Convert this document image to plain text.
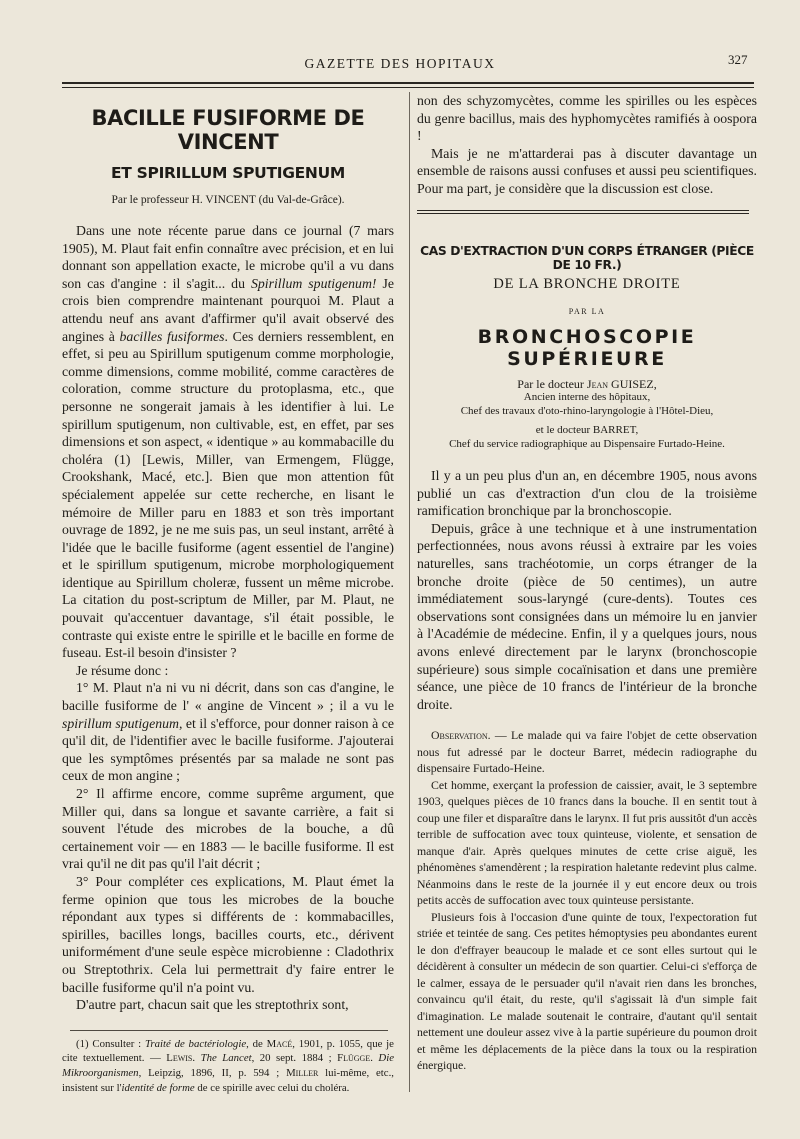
GAZETTE DES HOPITAUX	327
BACILLE FUSIFORME DE VINCENT
ET SPIRILLUM SPUTIGENUM
Par le professeur H. VINCENT (du Val-de-Grâce).

Dans une note récente parue dans ce journal (7 mars 1905), M. Plaut fait enfin connaître avec précision, et en lui donnant son appellation exacte, le microbe qu'il a vu dans son cas d'angine : il s'agit... du Spirillum sputigenum! Je crois bien comprendre maintenant pourquoi M. Plaut a attendu neuf ans avant d'affirmer qu'il avait observé des angines à bacilles fusiformes. Ces derniers ressemblent, en effet, si peu au Spirillum sputigenum comme morphologie, comme dimensions, comme mobilité, comme caractères de coloration, comme structure du protoplasma, etc., que personne ne songerait jamais à les identifier à lui. Le spirillum sputigenum, non cultivable, est, en effet, par ses dimensions et son aspect, « identique » au kommabacille du choléra (1) [Lewis, Miller, van Ermengem, Flügge, Crookshank, Macé, etc.]. Bien que mon attention fût spécialement appelée sur cette recherche, en lisant le mémoire de Miller paru en 1883 et son très important ouvrage de 1892, je ne me suis pas, un seul instant, arrêté à l'idée que le bacille fusiforme (agent essentiel de l'angine) et le spirillum sputigenum, microbe morphologiquement identique au Spirillum choleræ, fussent un même microbe. La citation du post-scriptum de Miller, par M. Plaut, ne pouvait qu'accentuer davantage, s'il était possible, le contraste qui existe entre le spirille et le bacille en forme de fuseau. Est-il besoin d'insister ?

Je résume donc :

1° M. Plaut n'a ni vu ni décrit, dans son cas d'angine, le bacille fusiforme de l' « angine de Vincent » ; il a vu le spirillum sputigenum, et il s'efforce, pour donner raison à ce qu'il dit, de l'identifier avec le bacille fusiforme. J'ajouterai que les symptômes présentés par sa malade ne sont pas ceux de mon angine ;

2° Il affirme encore, comme suprême argument, que Miller qui, dans sa longue et savante carrière, a fait si souvent l'étude des microbes de la bouche, a dû certainement voir — en 1883 — le bacille fusiforme. Il est vrai qu'il ne dit pas qu'il l'ait décrit ;

3° Pour compléter ces explications, M. Plaut émet la ferme opinion que tous les microbes de la bouche répondant aux types si différents de : kommabacilles, spirilles, bacilles longs, bacilles courts, etc., dérivent uniformément d'une seule espèce microbienne : Cladothrix ou Streptothrix. Cela lui permettrait d'y faire entrer le bacille fusiforme qu'il n'a point vu.

D'autre part, chacun sait que les streptothrix sont,

(1) Consulter : Traité de bactériologie, de Macé, 1901, p. 1055, que je cite textuellement. — Lewis. The Lancet, 20 sept. 1884 ; Flügge. Die Mikroorganismen, Leipzig, 1896, II, p. 594 ; Miller lui-même, etc., insistent sur l'identité de forme de ce spirille avec celui du choléra.

non des schyzomycètes, comme les spirilles ou les espèces du genre bacillus, mais des hyphomycètes ramifiés à oospora !

Mais je ne m'attarderai pas à discuter davantage un ensemble de raisons aussi confuses et aussi peu scientifiques. Pour ma part, je considère que la discussion est close.

CAS D'EXTRACTION D'UN CORPS ÉTRANGER (PIÈCE DE 10 FR.)
DE LA BRONCHE DROITE
PAR LA
BRONCHOSCOPIE SUPÉRIEURE

Par le docteur Jean GUISEZ,

Ancien interne des hôpitaux,

Chef des travaux d'oto-rhino-laryngologie à l'Hôtel-Dieu,

et le docteur BARRET,

Chef du service radiographique au Dispensaire Furtado-Heine.

Il y a un peu plus d'un an, en décembre 1905, nous avons publié un cas d'extraction d'un clou de la troisième ramification bronchique par la bronchoscopie.

Depuis, grâce à une technique et à une instrumentation perfectionnées, nous avons réussi à extraire par les voies naturelles, sans trachéotomie, un corps étranger de la bronche droite (pièce de 50 centimes), un autre immédiatement sous-laryngé (cure-dents). Toutes ces observations sont consignées dans un mémoire lu en janvier à l'Académie de médecine. Enfin, il y a quelques jours, nous avons enlevé directement par le larynx (bronchoscopie supérieure) sous simple cocaïnisation et dans une première séance, une pièce de 10 francs de l'intérieur de la bronche droite.

Observation. — Le malade qui va faire l'objet de cette observation nous fut adressé par le docteur Barret, médecin radiographe du dispensaire Furtado-Heine.

Cet homme, exerçant la profession de caissier, avait, le 3 septembre 1903, quelques pièces de 10 francs dans la bouche. Il en sentit tout à coup une filer et disparaître dans le larynx. Il fut pris aussitôt d'un accès terrible de suffocation avec toux quinteuse, violente, et sensation de manque d'air. Après quelques minutes de cette crise aiguë, les phénomènes s'amendèrent ; la respiration haletante redevint plus calme. Néanmoins dans le reste de la journée il y eut encore deux ou trois petits accès de suffocation avec toux quinteuse persistante.

Plusieurs fois à l'occasion d'une quinte de toux, l'expectoration fut striée et teintée de sang. Ces petites hémoptysies peu abondantes eurent le don d'effrayer beaucoup le malade et ce sont elles surtout qui le décidèrent à consulter un médecin de son quartier. Celui-ci s'efforça de le calmer, essaya de le persuader qu'il n'avait rien dans les bronches, convaincu qu'il était, du reste, qu'il s'agissait là d'un simple fait d'imagination. Le malade soutenait le contraire, d'autant qu'il sentait nettement une douleur assez vive à la partie supérieure du poumon droit et même les déplacements de la pièce dans la toux ou la respiration énergique.
